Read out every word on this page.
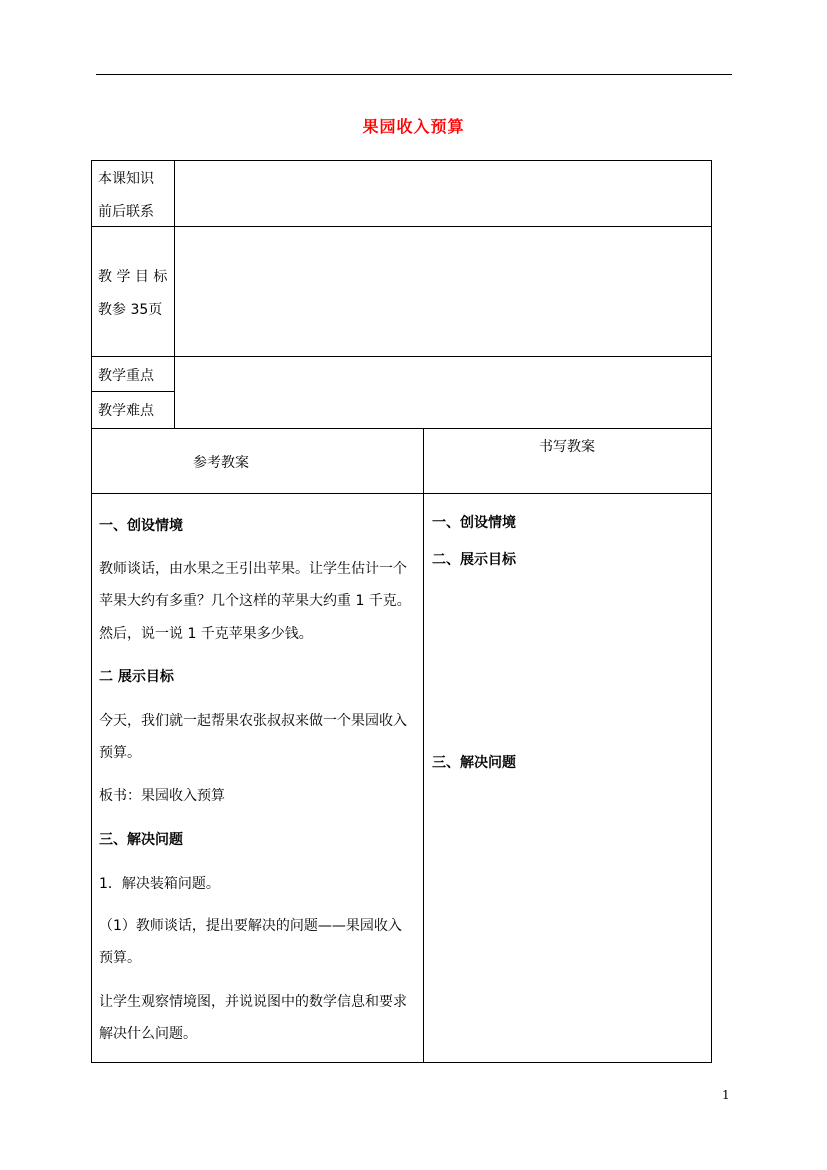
果园收入预算
本课知识
前后联系
教 学 目 标
教参 35页
教学重点
教学难点
参考教案
书写教案
一、创设情境
教师谈话，由水果之王引出苹果。让学生估计一个
苹果大约有多重？几个这样的苹果大约重 1 千克。
然后，说一说 1 千克苹果多少钱。
二 展示目标
今天，我们就一起帮果农张叔叔来做一个果园收入
预算。
板书：果园收入预算
三、解决问题
1．解决装箱问题。
（1）教师谈话，提出要解决的问题——果园收入
预算。
让学生观察情境图，并说说图中的数学信息和要求
解决什么问题。
一、创设情境
二、展示目标
三、解决问题
1
